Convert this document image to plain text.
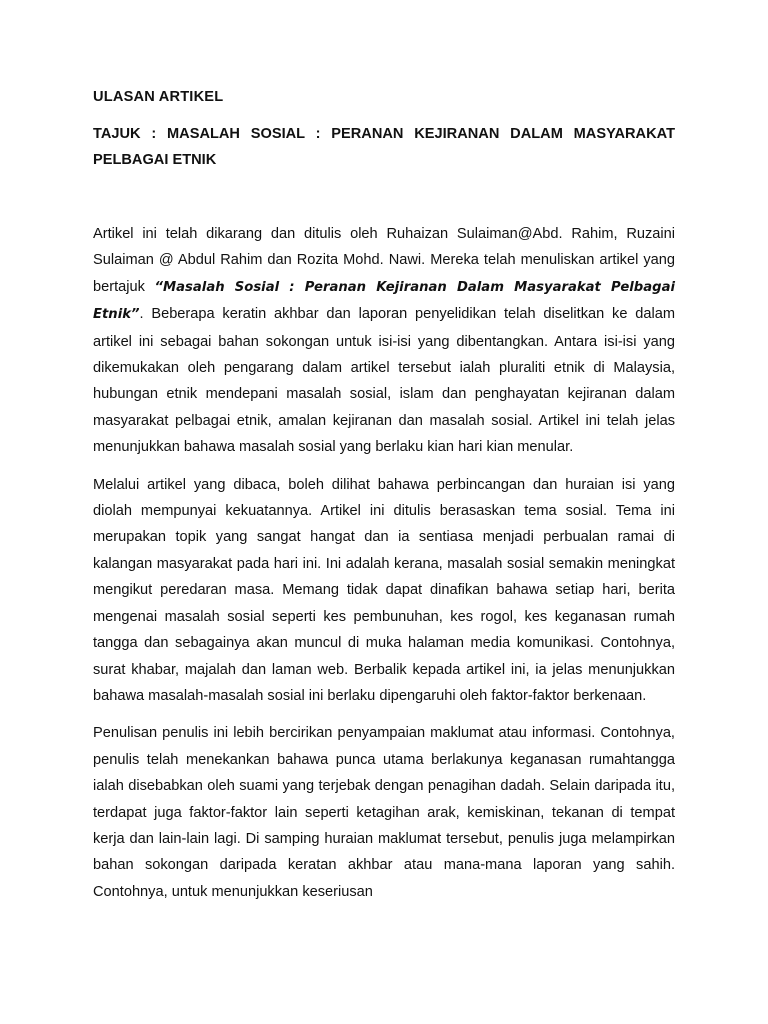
ULASAN ARTIKEL

TAJUK : MASALAH SOSIAL : PERANAN KEJIRANAN DALAM MASYARAKAT PELBAGAI ETNIK

Artikel ini telah dikarang dan ditulis oleh Ruhaizan Sulaiman@Abd. Rahim, Ruzaini Sulaiman @ Abdul Rahim dan Rozita Mohd. Nawi. Mereka telah menuliskan artikel yang bertajuk “Masalah Sosial : Peranan Kejiranan Dalam Masyarakat Pelbagai Etnik”. Beberapa keratin akhbar dan laporan penyelidikan telah diselitkan ke dalam artikel ini sebagai bahan sokongan untuk isi-isi yang dibentangkan. Antara isi-isi yang dikemukakan oleh pengarang dalam artikel tersebut ialah pluraliti etnik di Malaysia, hubungan etnik mendepani masalah sosial, islam dan penghayatan kejiranan dalam masyarakat pelbagai etnik, amalan kejiranan dan masalah sosial. Artikel ini telah jelas menunjukkan bahawa masalah sosial yang berlaku kian hari kian menular.

Melalui artikel yang dibaca, boleh dilihat bahawa perbincangan dan huraian isi yang diolah mempunyai kekuatannya. Artikel ini ditulis berasaskan tema sosial. Tema ini merupakan topik yang sangat hangat dan ia sentiasa menjadi perbualan ramai di kalangan masyarakat pada hari ini. Ini adalah kerana, masalah sosial semakin meningkat mengikut peredaran masa. Memang tidak dapat dinafikan bahawa setiap hari, berita mengenai masalah sosial seperti kes pembunuhan, kes rogol, kes keganasan rumah tangga dan sebagainya akan muncul di muka halaman media komunikasi. Contohnya, surat khabar, majalah dan laman web. Berbalik kepada artikel ini, ia jelas menunjukkan bahawa masalah-masalah sosial ini berlaku dipengaruhi oleh faktor-faktor berkenaan.

Penulisan penulis ini lebih bercirikan penyampaian maklumat atau informasi. Contohnya, penulis telah menekankan bahawa punca utama berlakunya keganasan rumahtangga ialah disebabkan oleh suami yang terjebak dengan penagihan dadah. Selain daripada itu, terdapat juga faktor-faktor lain seperti ketagihan arak, kemiskinan, tekanan di tempat kerja dan lain-lain lagi. Di samping huraian maklumat tersebut, penulis juga melampirkan bahan sokongan daripada keratan akhbar atau mana-mana laporan yang sahih. Contohnya, untuk menunjukkan keseriusan
